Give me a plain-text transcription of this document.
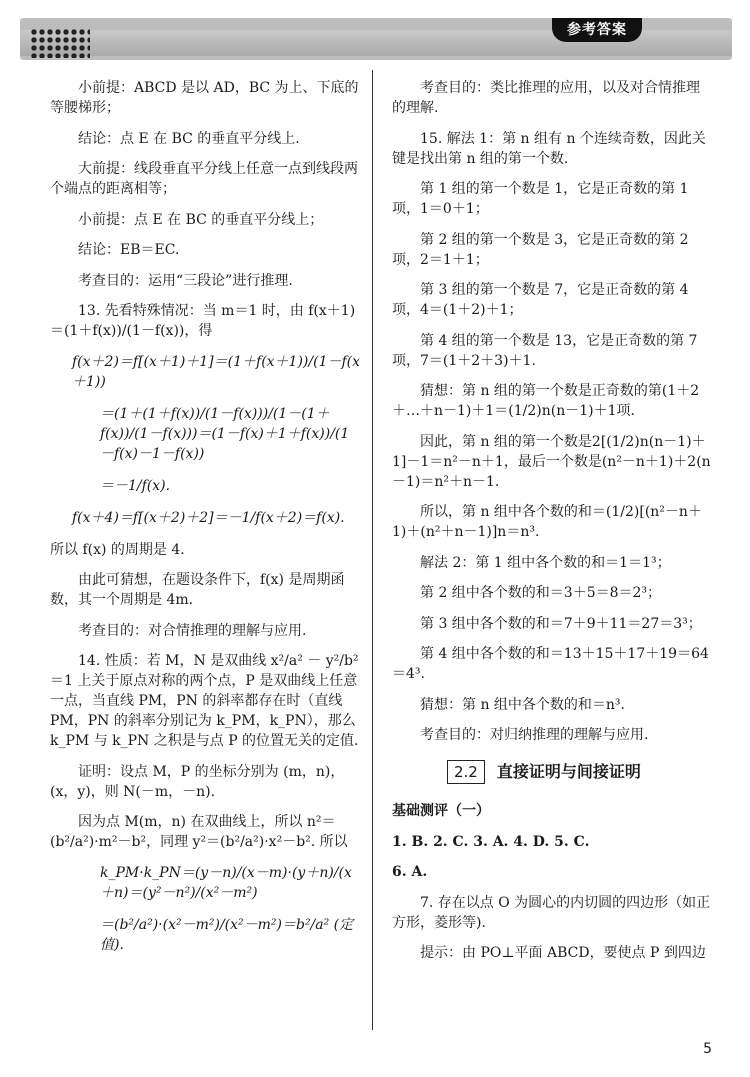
参考答案

小前提：ABCD 是以 AD，BC 为上、下底的等腰梯形；

结论：点 E 在 BC 的垂直平分线上.

大前提：线段垂直平分线上任意一点到线段两个端点的距离相等；

小前提：点 E 在 BC 的垂直平分线上；

结论：EB＝EC.

考查目的：运用“三段论”进行推理.

13. 先看特殊情况：当 m＝1 时，由 f(x＋1)＝(1＋f(x))/(1－f(x))，得

f(x＋2)＝f[(x＋1)＋1]＝(1＋f(x＋1))/(1－f(x＋1))

＝(1＋(1＋f(x))/(1－f(x)))/(1－(1＋f(x))/(1－f(x)))＝(1－f(x)＋1＋f(x))/(1－f(x)－1－f(x))

＝－1/f(x).

f(x＋4)＝f[(x＋2)＋2]＝－1/f(x＋2)＝f(x).

所以 f(x) 的周期是 4.

由此可猜想，在题设条件下，f(x) 是周期函数，其一个周期是 4m.

考查目的：对合情推理的理解与应用.

14. 性质：若 M，N 是双曲线 x²/a² － y²/b² ＝1 上关于原点对称的两个点，P 是双曲线上任意一点，当直线 PM，PN 的斜率都存在时（直线 PM，PN 的斜率分别记为 k_PM，k_PN），那么 k_PM 与 k_PN 之积是与点 P 的位置无关的定值.

证明：设点 M，P 的坐标分别为 (m，n)，(x，y)，则 N(－m，－n).

因为点 M(m，n) 在双曲线上，所以 n²＝(b²/a²)·m²－b²，同理 y²＝(b²/a²)·x²－b². 所以

k_PM·k_PN＝(y－n)/(x－m)·(y＋n)/(x＋n)＝(y²－n²)/(x²－m²)

＝(b²/a²)·(x²－m²)/(x²－m²)＝b²/a² (定值).

考查目的：类比推理的应用，以及对合情推理的理解.

15. 解法 1：第 n 组有 n 个连续奇数，因此关键是找出第 n 组的第一个数.

第 1 组的第一个数是 1，它是正奇数的第 1 项，1＝0＋1；

第 2 组的第一个数是 3，它是正奇数的第 2 项，2＝1＋1；

第 3 组的第一个数是 7，它是正奇数的第 4 项，4＝(1＋2)＋1；

第 4 组的第一个数是 13，它是正奇数的第 7 项，7＝(1＋2＋3)＋1.

猜想：第 n 组的第一个数是正奇数的第(1＋2＋…＋n－1)＋1＝(1/2)n(n－1)＋1项.

因此，第 n 组的第一个数是2[(1/2)n(n－1)＋1]－1＝n²－n＋1，最后一个数是(n²－n＋1)＋2(n－1)＝n²＋n－1.

所以，第 n 组中各个数的和＝(1/2)[(n²－n＋1)＋(n²＋n－1)]n＝n³.

解法 2：第 1 组中各个数的和＝1＝1³；

第 2 组中各个数的和＝3＋5＝8＝2³；

第 3 组中各个数的和＝7＋9＋11＝27＝3³；

第 4 组中各个数的和＝13＋15＋17＋19＝64＝4³.

猜想：第 n 组中各个数的和＝n³.

考查目的：对归纳推理的理解与应用.

2.2	直接证明与间接证明

基础测评（一）

1. B. 2. C. 3. A. 4. D. 5. C.

6. A.

7. 存在以点 O 为圆心的内切圆的四边形（如正方形，菱形等).

提示：由 PO⊥平面 ABCD，要使点 P 到四边

5
